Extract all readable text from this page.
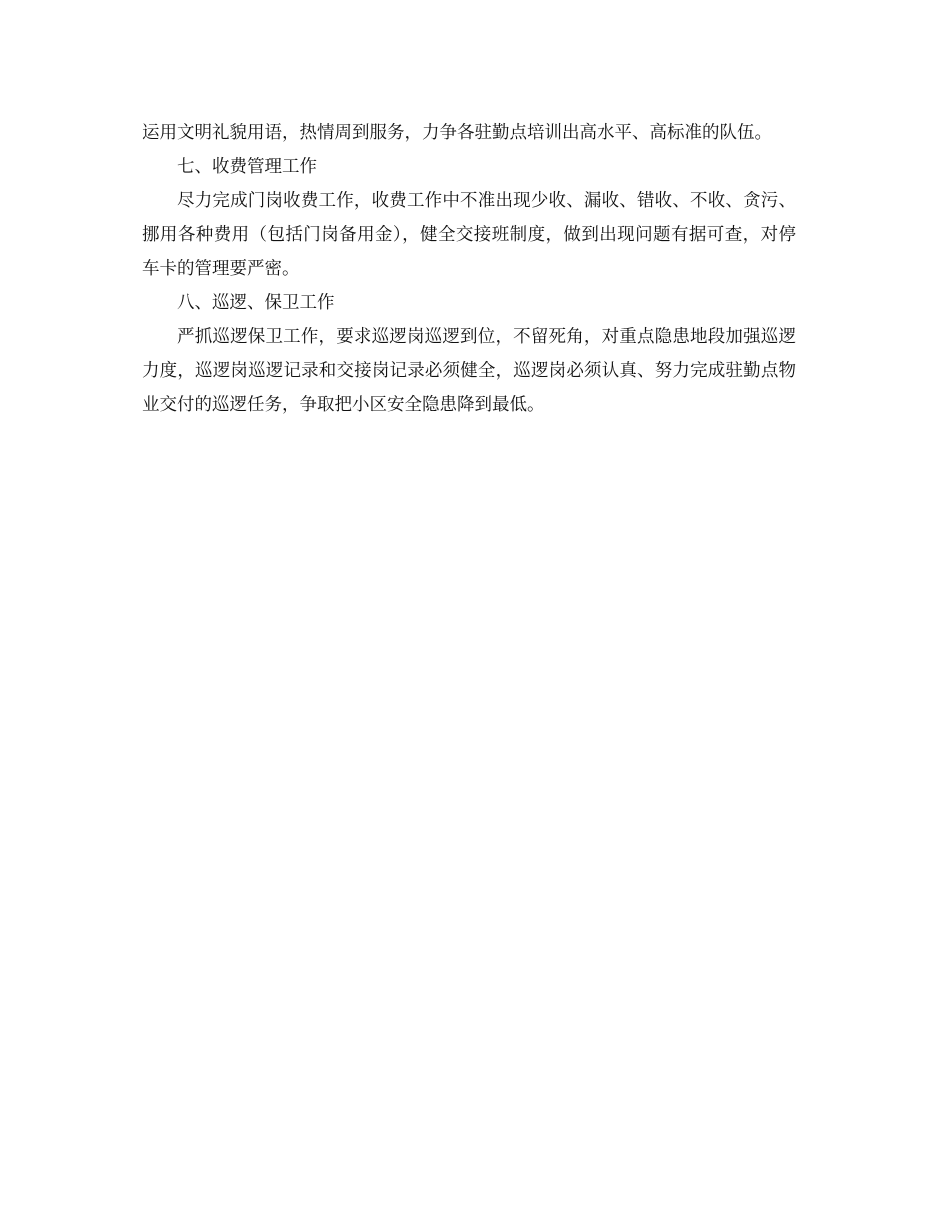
运用文明礼貌用语，热情周到服务，力争各驻勤点培训出高水平、高标准的队伍。

七、收费管理工作

尽力完成门岗收费工作，收费工作中不准出现少收、漏收、错收、不收、贪污、挪用各种费用（包括门岗备用金），健全交接班制度，做到出现问题有据可查，对停车卡的管理要严密。

八、巡逻、保卫工作

严抓巡逻保卫工作，要求巡逻岗巡逻到位，不留死角，对重点隐患地段加强巡逻力度，巡逻岗巡逻记录和交接岗记录必须健全，巡逻岗必须认真、努力完成驻勤点物业交付的巡逻任务，争取把小区安全隐患降到最低。
